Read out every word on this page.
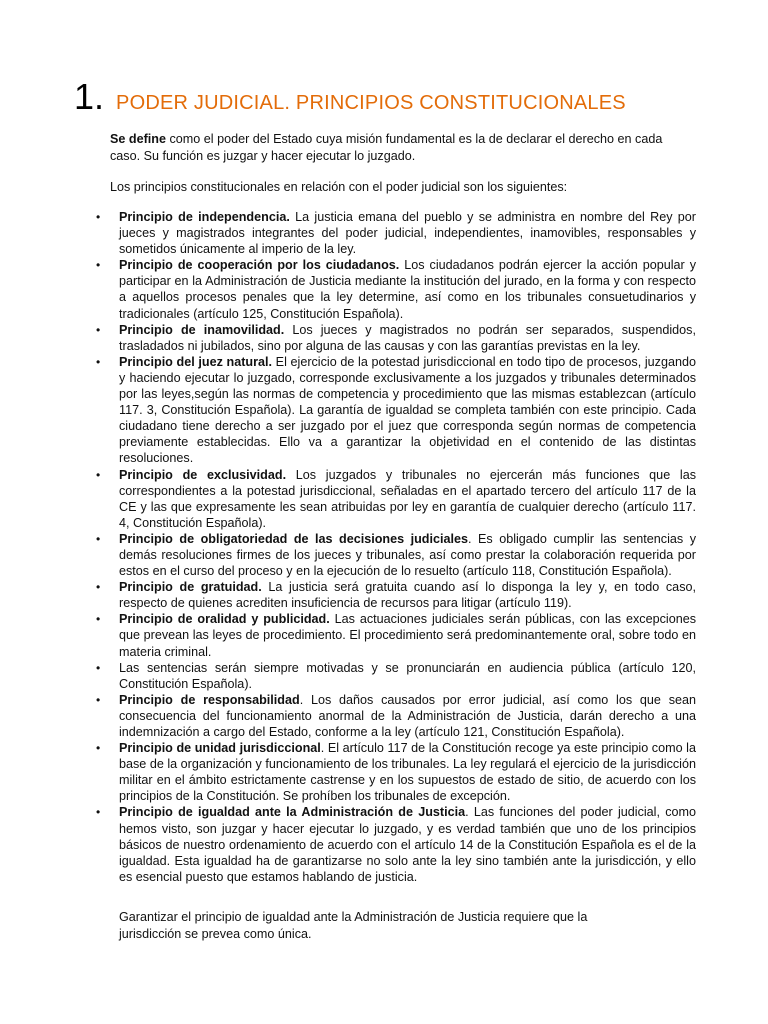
1. PODER JUDICIAL. PRINCIPIOS CONSTITUCIONALES

Se define como el poder del Estado cuya misión fundamental es la de declarar el derecho en cada caso. Su función es juzgar y hacer ejecutar lo juzgado.

Los principios constitucionales en relación con el poder judicial son los siguientes:

• Principio de independencia. La justicia emana del pueblo y se administra en nombre del Rey por jueces y magistrados integrantes del poder judicial, independientes, inamovibles, responsables y sometidos únicamente al imperio de la ley.
• Principio de cooperación por los ciudadanos. Los ciudadanos podrán ejercer la acción popular y participar en la Administración de Justicia mediante la institución del jurado, en la forma y con respecto a aquellos procesos penales que la ley determine, así como en los tribunales consuetudinarios y tradicionales (artículo 125, Constitución Española).
• Principio de inamovilidad. Los jueces y magistrados no podrán ser separados, suspendidos, trasladados ni jubilados, sino por alguna de las causas y con las garantías previstas en la ley.
• Principio del juez natural. El ejercicio de la potestad jurisdiccional en todo tipo de procesos, juzgando y haciendo ejecutar lo juzgado, corresponde exclusivamente a los juzgados y tribunales determinados por las leyes,según las normas de competencia y procedimiento que las mismas establezcan (artículo 117. 3, Constitución Española). La garantía de igualdad se completa también con este principio. Cada ciudadano tiene derecho a ser juzgado por el juez que corresponda según normas de competencia previamente establecidas. Ello va a garantizar la objetividad en el contenido de las distintas resoluciones.
• Principio de exclusividad. Los juzgados y tribunales no ejercerán más funciones que las correspondientes a la potestad jurisdiccional, señaladas en el apartado tercero del artículo 117 de la CE y las que expresamente les sean atribuidas por ley en garantía de cualquier derecho (artículo 117. 4, Constitución Española).
• Principio de obligatoriedad de las decisiones judiciales. Es obligado cumplir las sentencias y demás resoluciones firmes de los jueces y tribunales, así como prestar la colaboración requerida por estos en el curso del proceso y en la ejecución de lo resuelto (artículo 118, Constitución Española).
• Principio de gratuidad. La justicia será gratuita cuando así lo disponga la ley y, en todo caso, respecto de quienes acrediten insuficiencia de recursos para litigar (artículo 119).
• Principio de oralidad y publicidad. Las actuaciones judiciales serán públicas, con las excepciones que prevean las leyes de procedimiento. El procedimiento será predominantemente oral, sobre todo en materia criminal.
• Las sentencias serán siempre motivadas y se pronunciarán en audiencia pública (artículo 120, Constitución Española).
• Principio de responsabilidad. Los daños causados por error judicial, así como los que sean consecuencia del funcionamiento anormal de la Administración de Justicia, darán derecho a una indemnización a cargo del Estado, conforme a la ley (artículo 121, Constitución Española).
• Principio de unidad jurisdiccional. El artículo 117 de la Constitución recoge ya este principio como la base de la organización y funcionamiento de los tribunales. La ley regulará el ejercicio de la jurisdicción militar en el ámbito estrictamente castrense y en los supuestos de estado de sitio, de acuerdo con los principios de la Constitución. Se prohíben los tribunales de excepción.
• Principio de igualdad ante la Administración de Justicia. Las funciones del poder judicial, como hemos visto, son juzgar y hacer ejecutar lo juzgado, y es verdad también que uno de los principios básicos de nuestro ordenamiento de acuerdo con el artículo 14 de la Constitución Española es el de la igualdad. Esta igualdad ha de garantizarse no solo ante la ley sino también ante la jurisdicción, y ello es esencial puesto que estamos hablando de justicia.

Garantizar el principio de igualdad ante la Administración de Justicia requiere que la jurisdicción se prevea como única.
